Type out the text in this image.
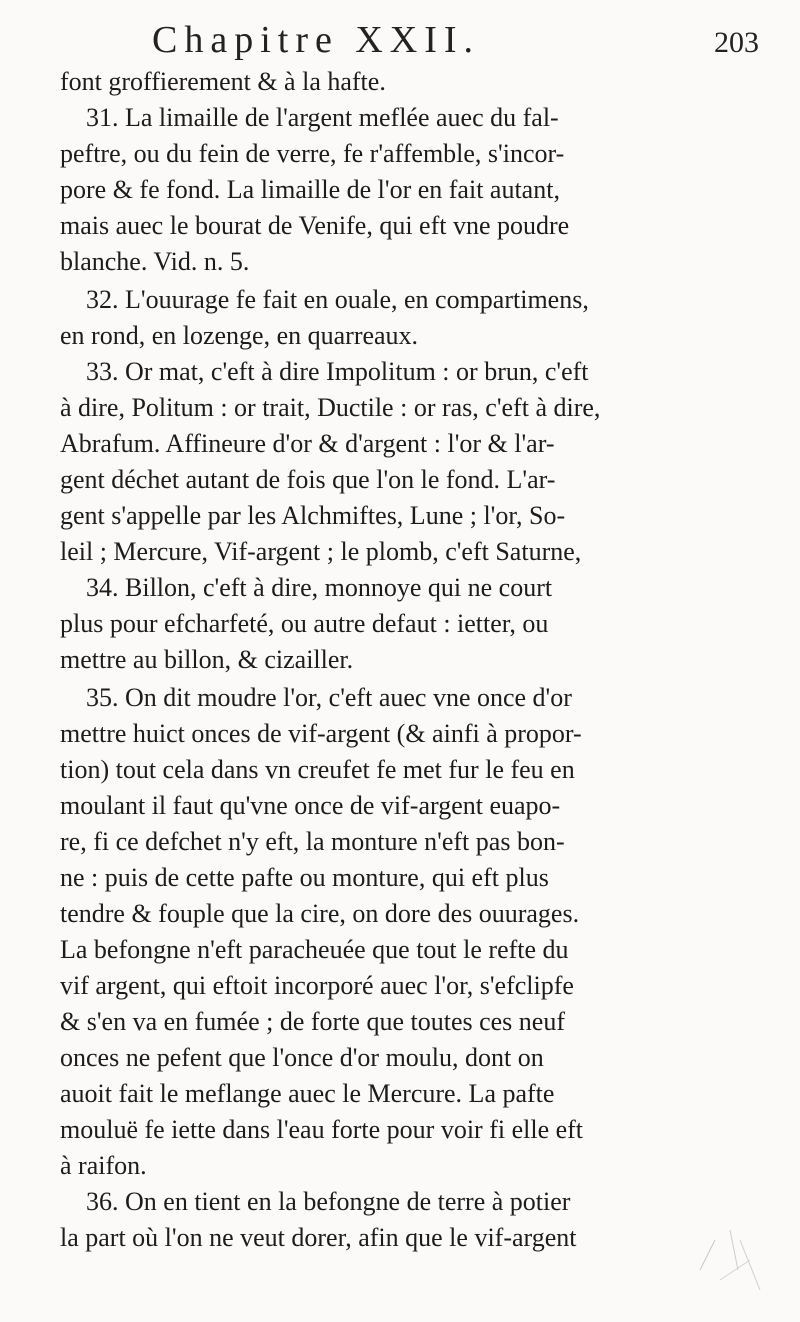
Chapitre XXII.	203
font groffierement & à la hafte.
31. La limaille de l'argent meflée auec du fal-
peftre, ou du fein de verre, fe r'affemble, s'incor-
pore & fe fond. La limaille de l'or en fait autant,
mais auec le bourat de Venife, qui eft vne poudre
blanche. Vid. n. 5.
32. L'ouurage fe fait en ouale, en compartimens,
en rond, en lozenge, en quarreaux.
33. Or mat, c'eft à dire Impolitum : or brun, c'eft
à dire, Politum : or trait, Ductile : or ras, c'eft à dire,
Abrafum. Affineure d'or & d'argent : l'or & l'ar-
gent déchet autant de fois que l'on le fond. L'ar-
gent s'appelle par les Alchmiftes, Lune ; l'or, So-
leil ; Mercure, Vif-argent ; le plomb, c'eft Saturne,
34. Billon, c'eft à dire, monnoye qui ne court
plus pour efcharfeté, ou autre defaut : ietter, ou
mettre au billon, & cizailler.
35. On dit moudre l'or, c'eft auec vne once d'or
mettre huict onces de vif-argent (& ainfi à propor-
tion) tout cela dans vn creufet fe met fur le feu en
moulant il faut qu'vne once de vif-argent euapo-
re, fi ce defchet n'y eft, la monture n'eft pas bon-
ne : puis de cette pafte ou monture, qui eft plus
tendre & fouple que la cire, on dore des ouurages.
La befongne n'eft paracheuée que tout le refte du
vif argent, qui eftoit incorporé auec l'or, s'efclipfe
& s'en va en fumée ; de forte que toutes ces neuf
onces ne pefent que l'once d'or moulu, dont on
auoit fait le meflange auec le Mercure. La pafte
mouluë fe iette dans l'eau forte pour voir fi elle eft
à raifon.
36. On en tient en la befongne de terre à potier
la part où l'on ne veut dorer, afin que le vif-argent
